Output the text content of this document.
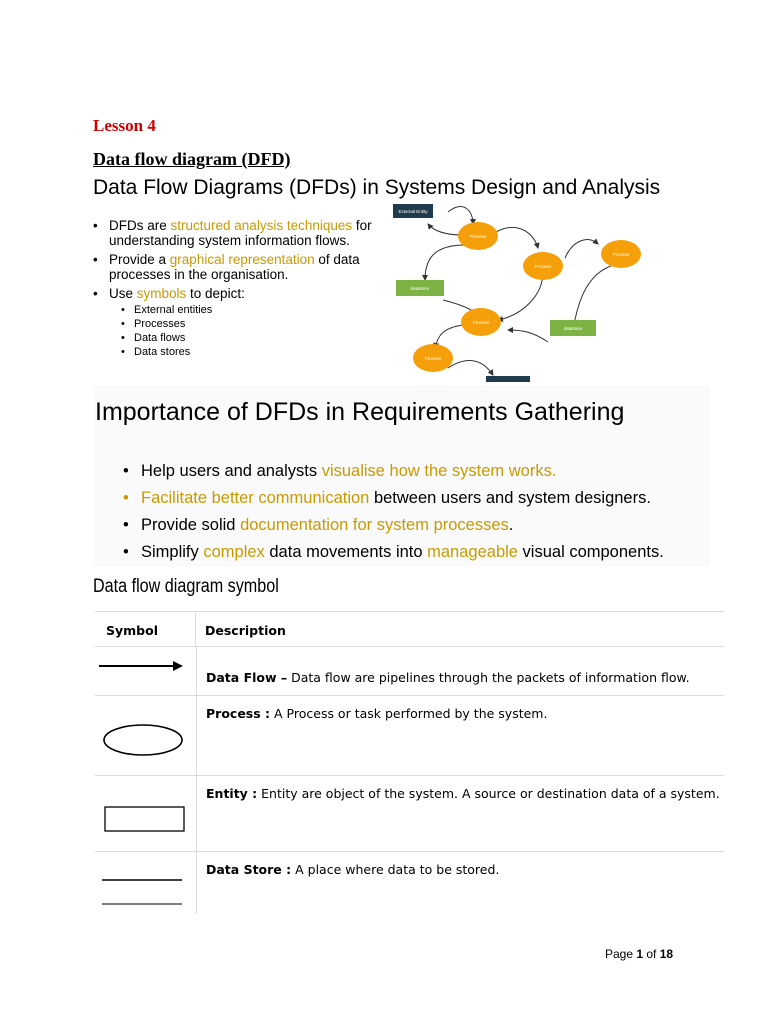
Lesson 4
Data flow diagram (DFD)
Data Flow Diagrams (DFDs) in Systems Design and Analysis
• DFDs are structured analysis techniques for understanding system information flows.
• Provide a graphical representation of data processes in the organisation.
• Use symbols to depict:
• External entities
• Processes
• Data flows
• Data stores
External Entity
Process
Process
Process
datastore
Process
datastore
Process
Importance of DFDs in Requirements Gathering
• Help users and analysts visualise how the system works.
• Facilitate better communication between users and system designers.
• Provide solid documentation for system processes.
• Simplify complex data movements into manageable visual components.
Data flow diagram symbol
Symbol	Description
Data Flow – Data flow are pipelines through the packets of information flow.
Process : A Process or task performed by the system.
Entity : Entity are object of the system. A source or destination data of a system.
Data Store : A place where data to be stored.
Page 1 of 18
